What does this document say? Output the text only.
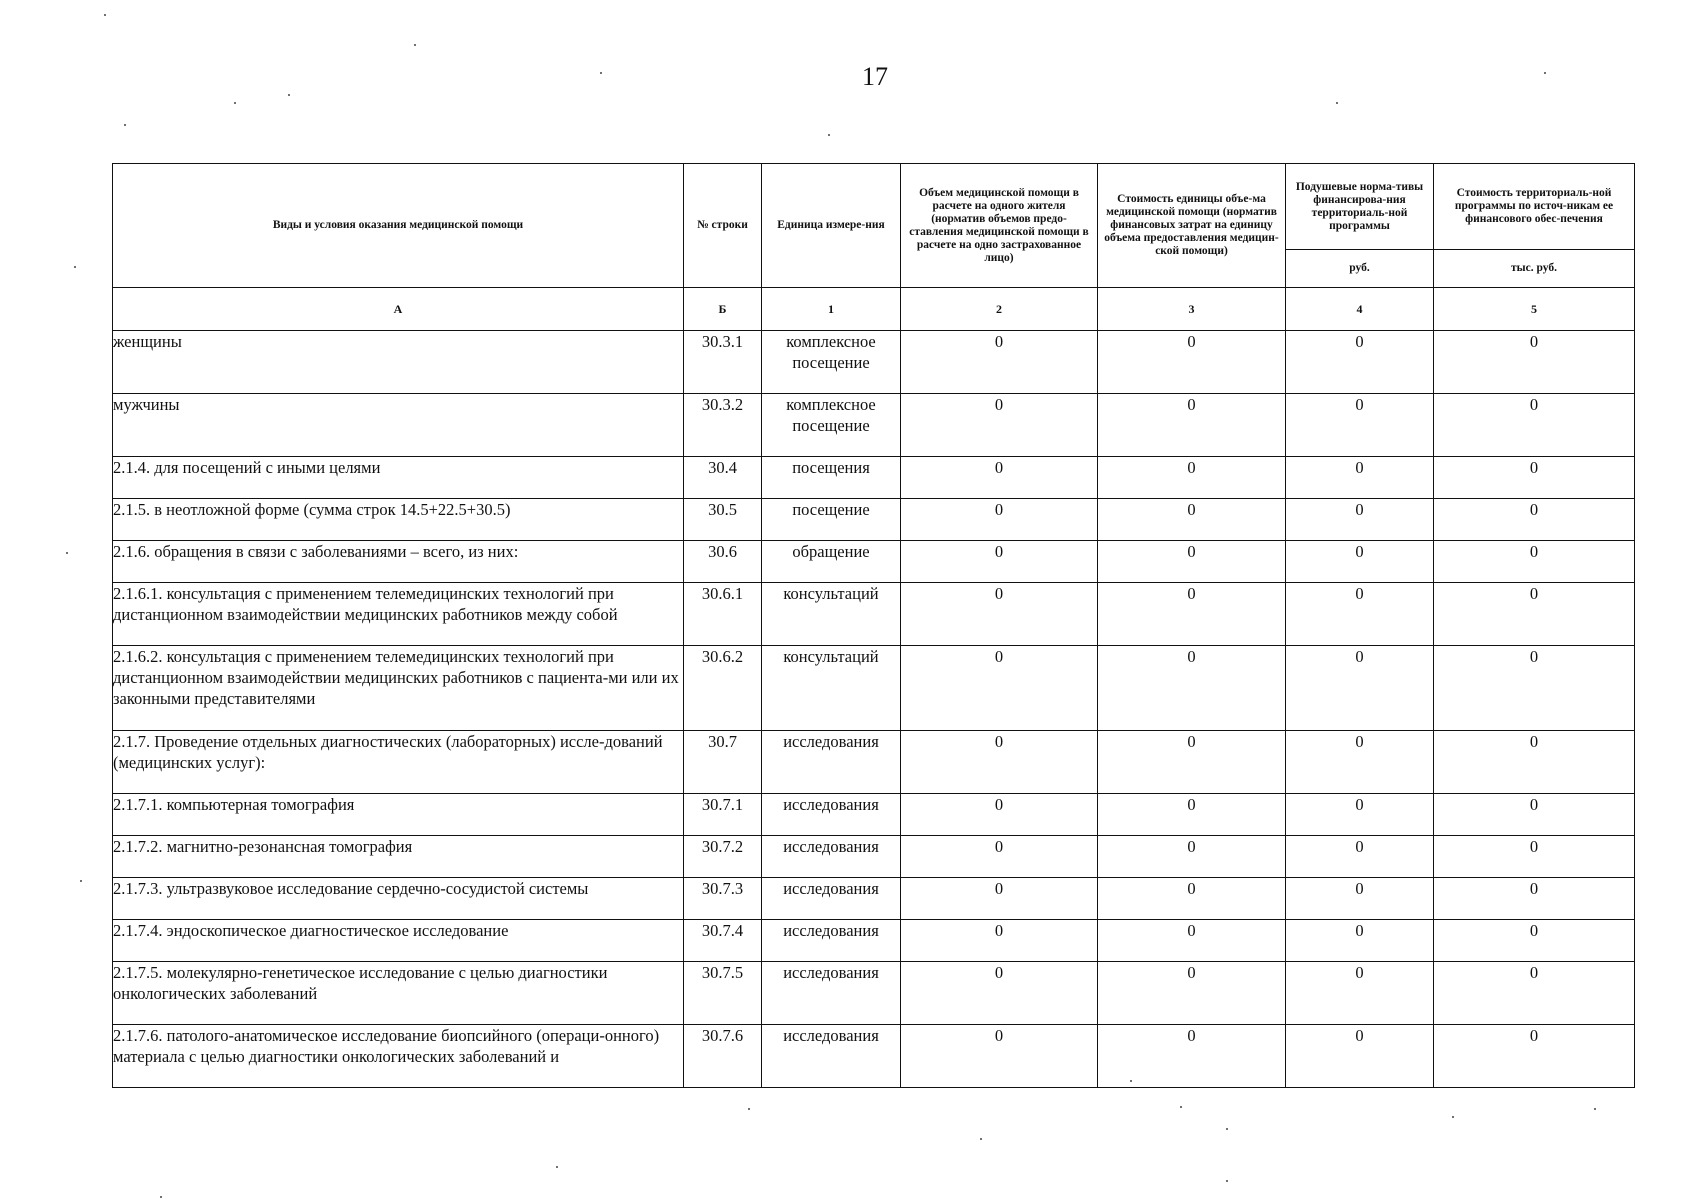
17
Виды и условия оказания медицинской помощи	№ строки	Единица измере-ния	Объем медицинской помощи в расчете на одного жителя (норматив объемов предо-ставления медицинской помощи в расчете на одно застрахованное лицо)	Стоимость единицы объе-ма медицинской помощи (норматив финансовых затрат на единицу объема предоставления медицин-ской помощи)	Подушевые норма-тивы финансирова-ния территориаль-ной программы	Стоимость территориаль-ной программы по источ-никам ее финансового обес-печения
					руб.	тыс. руб.
А	Б	1	2	3	4	5
женщины	30.3.1	комплексное посещение	0	0	0	0
мужчины	30.3.2	комплексное посещение	0	0	0	0
2.1.4. для посещений с иными целями	30.4	посещения	0	0	0	0
2.1.5. в неотложной форме (сумма строк 14.5+22.5+30.5)	30.5	посещение	0	0	0	0
2.1.6. обращения в связи с заболеваниями – всего, из них:	30.6	обращение	0	0	0	0
2.1.6.1. консультация с применением телемедицинских технологий при дистанционном взаимодействии медицинских работников между собой	30.6.1	консультаций	0	0	0	0
2.1.6.2. консультация с применением телемедицинских технологий при дистанционном взаимодействии медицинских работников с пациента-ми или их законными представителями	30.6.2	консультаций	0	0	0	0
2.1.7. Проведение отдельных диагностических (лабораторных) иссле-дований (медицинских услуг):	30.7	исследования	0	0	0	0
2.1.7.1. компьютерная томография	30.7.1	исследования	0	0	0	0
2.1.7.2. магнитно-резонансная томография	30.7.2	исследования	0	0	0	0
2.1.7.3. ультразвуковое исследование сердечно-сосудистой системы	30.7.3	исследования	0	0	0	0
2.1.7.4. эндоскопическое диагностическое исследование	30.7.4	исследования	0	0	0	0
2.1.7.5. молекулярно-генетическое исследование с целью диагностики онкологических заболеваний	30.7.5	исследования	0	0	0	0
2.1.7.6. патолого-анатомическое исследование биопсийного (операци-онного) материала с целью диагностики онкологических заболеваний и	30.7.6	исследования	0	0	0	0
